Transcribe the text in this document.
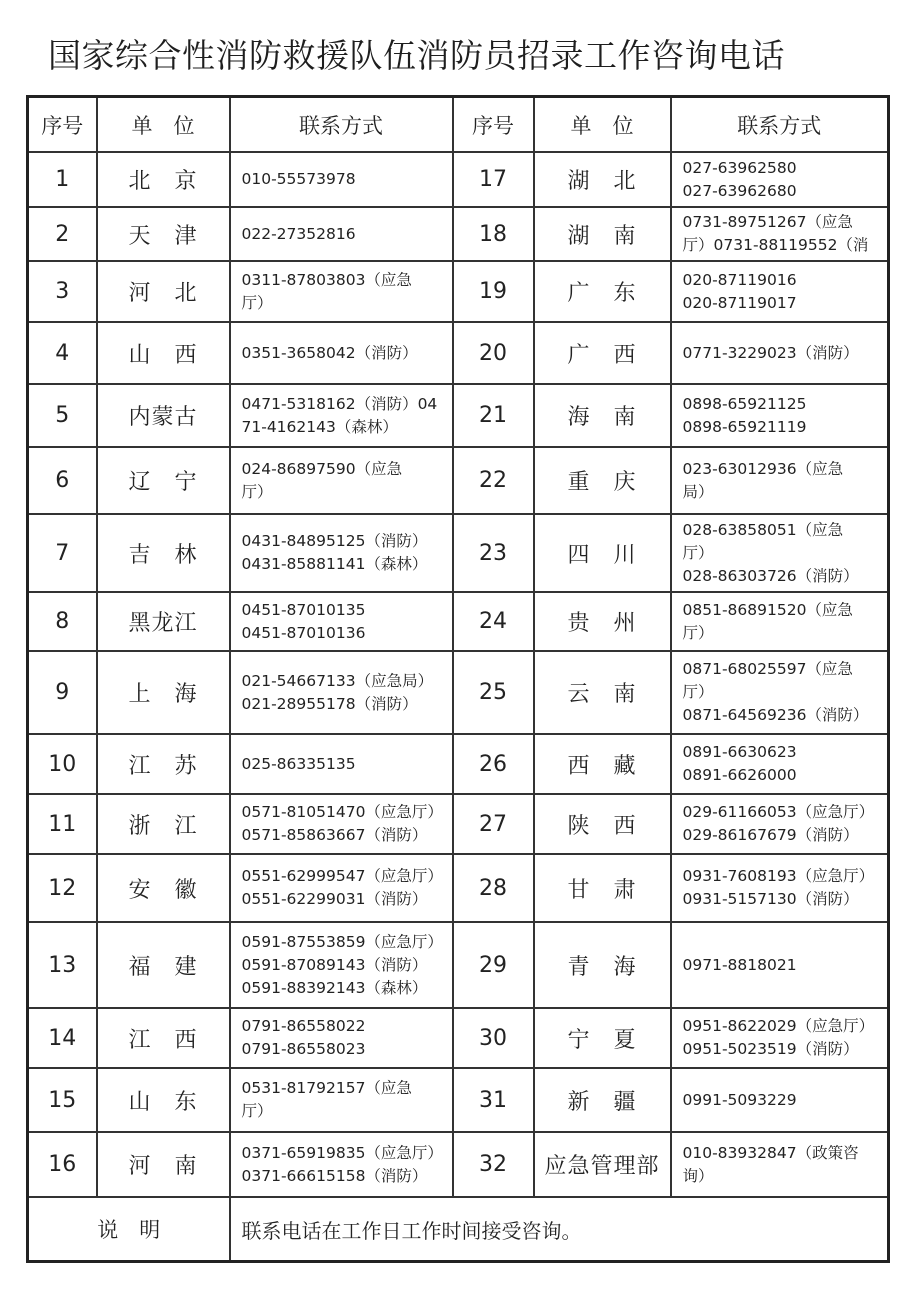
国家综合性消防救援队伍消防员招录工作咨询电话
序号	单　位	联系方式	序号	单　位	联系方式
1	北　京	010-55573978	17	湖　北	027-63962580
027-63962680

2	天　津	022-27352816	18	湖　南	0731-89751267（应急
厅）0731-88119552（消

3	河　北	0311-87803803（应急
厅）	19	广　东	020-87119016
020-87119017

4	山　西	0351-3658042（消防）	20	广　西	0771-3229023（消防）

5	内蒙古	0471-5318162（消防）04
71-4162143（森林）	21	海　南	0898-65921125
0898-65921119

6	辽　宁	024-86897590（应急
厅）	22	重　庆	023-63012936（应急
局）

7	吉　林	0431-84895125（消防）
0431-85881141（森林）	23	四　川	028-63858051（应急
厅）
028-86303726（消防）

8	黑龙江	0451-87010135
0451-87010136	24	贵　州	0851-86891520（应急
厅）

9	上　海	021-54667133（应急局）
021-28955178（消防）	25	云　南	0871-68025597（应急
厅）
0871-64569236（消防）

10	江　苏	025-86335135	26	西　藏	0891-6630623
0891-6626000

11	浙　江	0571-81051470（应急厅）
0571-85863667（消防）	27	陕　西	029-61166053（应急厅）
029-86167679（消防）

12	安　徽	0551-62999547（应急厅）
0551-62299031（消防）	28	甘　肃	0931-7608193（应急厅）
0931-5157130（消防）

13	福　建	0591-87553859（应急厅）
0591-87089143（消防）
0591-88392143（森林）	29	青　海	0971-8818021

14	江　西	0791-86558022
0791-86558023	30	宁　夏	0951-8622029（应急厅）
0951-5023519（消防）

15	山　东	0531-81792157（应急
厅）	31	新　疆	0991-5093229

16	河　南	0371-65919835（应急厅）
0371-66615158（消防）	32	应急管理部	010-83932847（政策咨
询）

说　明		联系电话在工作日工作时间接受咨询。			
